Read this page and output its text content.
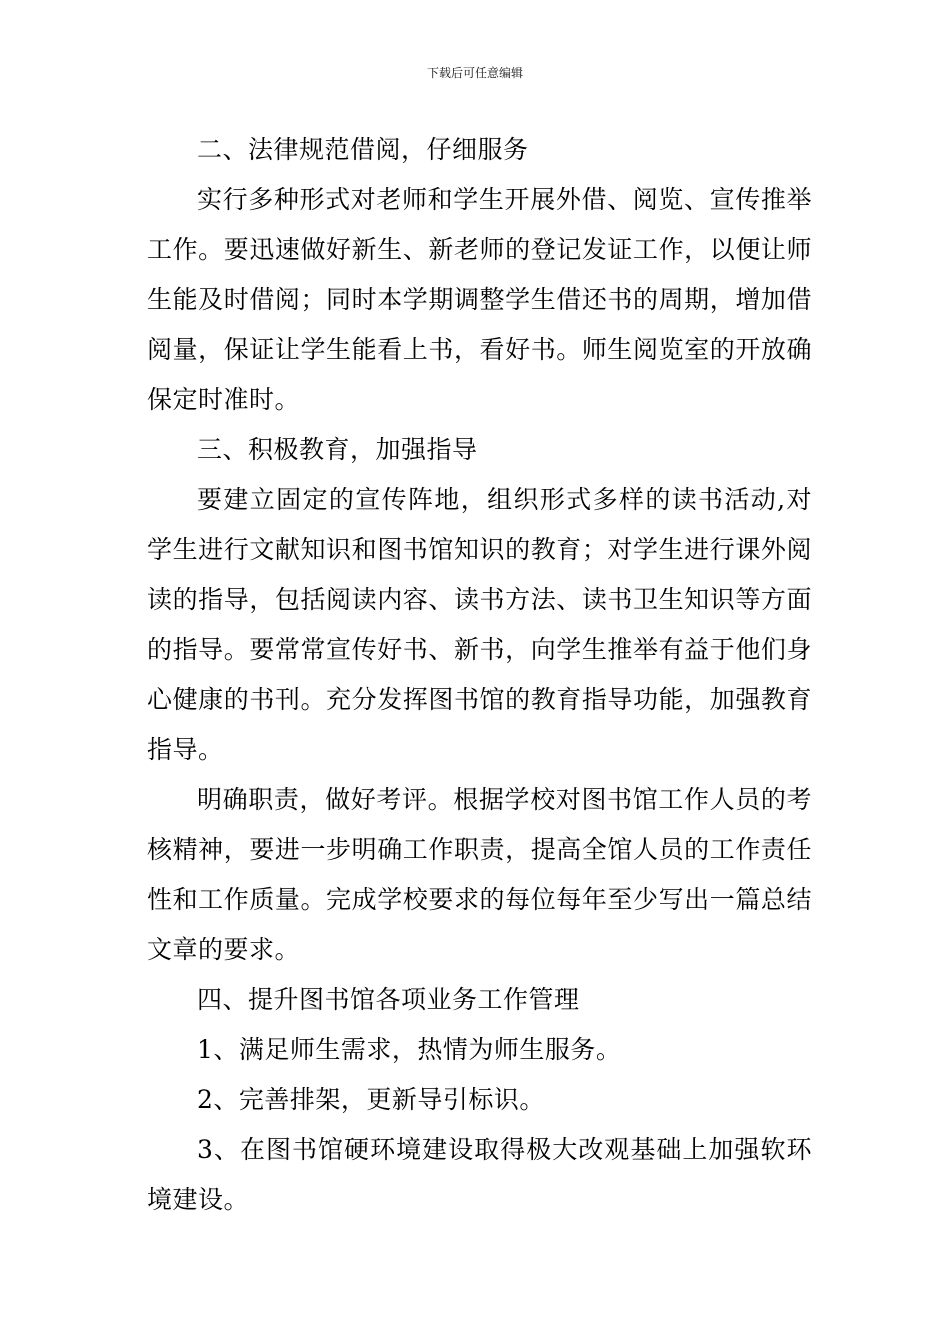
下载后可任意编辑

二、法律规范借阅，仔细服务

实行多种形式对老师和学生开展外借、阅览、宣传推举工作。要迅速做好新生、新老师的登记发证工作，以便让师生能及时借阅；同时本学期调整学生借还书的周期，增加借阅量，保证让学生能看上书，看好书。师生阅览室的开放确保定时准时。

三、积极教育，加强指导

要建立固定的宣传阵地，组织形式多样的读书活动,对学生进行文献知识和图书馆知识的教育；对学生进行课外阅读的指导，包括阅读内容、读书方法、读书卫生知识等方面的指导。要常常宣传好书、新书，向学生推举有益于他们身心健康的书刊。充分发挥图书馆的教育指导功能，加强教育指导。

明确职责，做好考评。根据学校对图书馆工作人员的考核精神，要进一步明确工作职责，提高全馆人员的工作责任性和工作质量。完成学校要求的每位每年至少写出一篇总结文章的要求。

四、提升图书馆各项业务工作管理

1、满足师生需求，热情为师生服务。

2、完善排架，更新导引标识。

3、在图书馆硬环境建设取得极大改观基础上加强软环境建设。
